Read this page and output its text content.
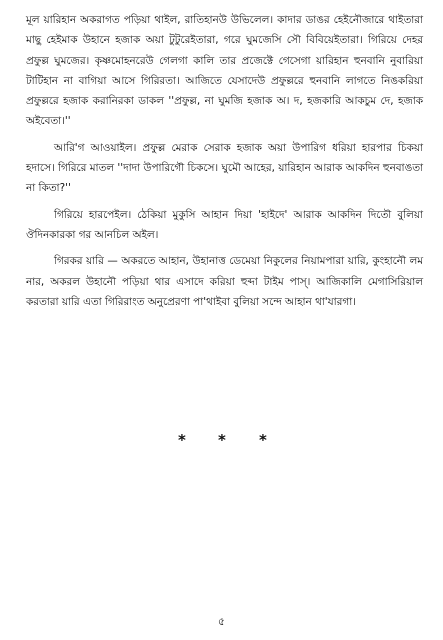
মূল য়ারিহান অকরাগত পড়িয়া থাইল, রাতিহানউ উভিলেল। কাদার ডাঙর হেইনৌজারে থাইতারা মাছু হেইমাক উহানে হজাক অয়া টুটুরেইতারা, গরে ঘুমজেসি সৌ বিবিয়েইতারা। গিরিয়ে দেহর প্রফুল্ল ঘুমজের। কৃষ্ণমোহনরেউ গেলগা কালি তার প্রজেক্টে গেসেগা য়ারিহান হুনবানি নুবারিয়া টাটিহান না বাগিয়া আসে গিরিরতা। আজিতে যেসাদেউ প্রফুল্লরে হুনবানি লাগতে নিঙকরিয়া প্রফুল্লরে হজাক করানিরকা ডাকল ''প্রফুল্ল, না ঘুমজি হজাক অ। দ, হজকারি আকচুম দে, হজাক অইবেতা।''

আরি'গ আওয়াইল। প্রফুল্ল মেরাক সেরাক হজাক অয়া উপারিগ ধরিয়া হারপার চিকয়া হদাসে। গিরিরে মাতল ''দাদা উপারিগৌ চিকসে। ঘুমৌ আহের, য়ারিহান আরাক আকদিন হুনবাঙতা না কিতা?''

গিরিয়ে হারপেইল। ঠেকিয়া মুকুসি আহান দিয়া 'হাইদে' আরাক আকদিন দিতৌ বুলিয়া ঔদিনকারকা গর আনচিল অইল।

গিরকর য়ারি — অকরতে আহান, উহানাত্ত ডেমেয়া নিকুলের নিয়ামপারা য়ারি, কুংহানৌ লম নার, অকরল উহানৌ পড়িয়া থার এসাদে করিয়া হুব্দা টাইম পাস্। আজিকালি মেগাসিরিয়াল করতারা য়ারি এতা গিরিরাংত অনুপ্রেরণা পা'থাইবা বুলিয়া সন্দে আহান থা'যারগা।

* * *
৫
